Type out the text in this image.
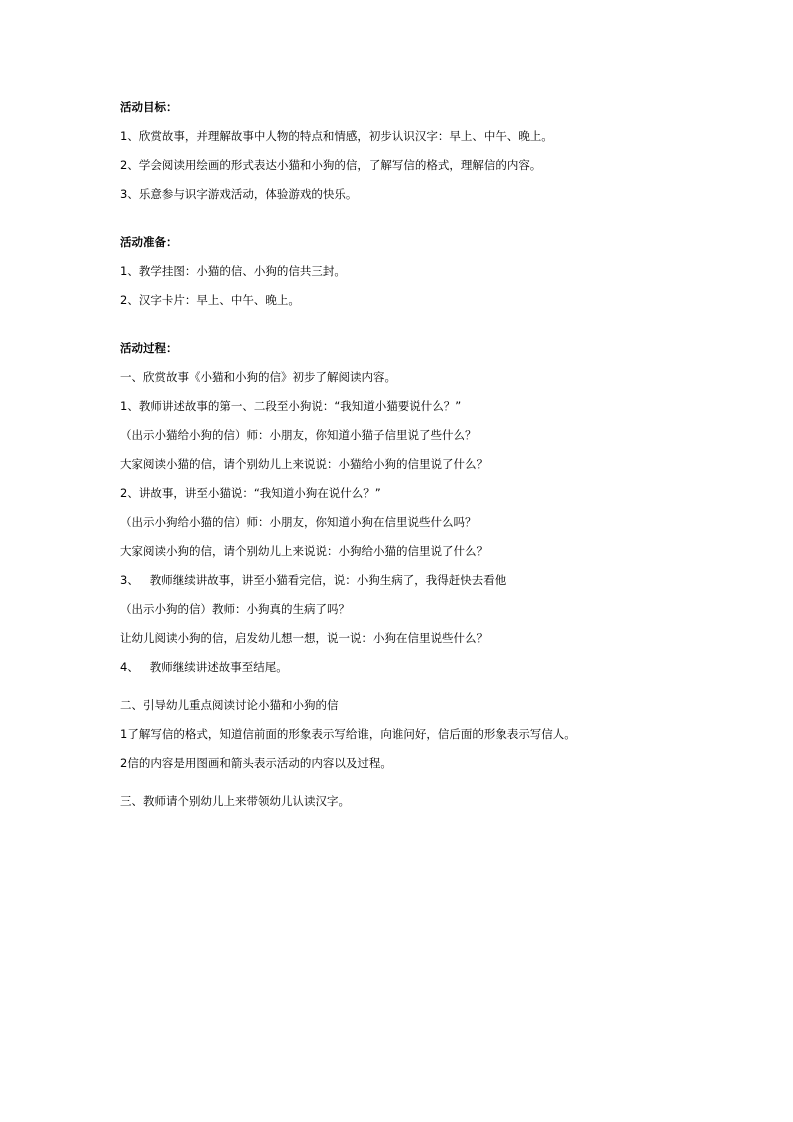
活动目标：

1、欣赏故事，并理解故事中人物的特点和情感，初步认识汉字：早上、中午、晚上。

2、学会阅读用绘画的形式表达小猫和小狗的信，了解写信的格式，理解信的内容。

3、乐意参与识字游戏活动，体验游戏的快乐。

活动准备：

1、教学挂图：小猫的信、小狗的信共三封。

2、汉字卡片：早上、中午、晚上。

活动过程：

一、欣赏故事《小猫和小狗的信》初步了解阅读内容。

1、教师讲述故事的第一、二段至小狗说：“我知道小猫要说什么？”

（出示小猫给小狗的信）师：小朋友，你知道小猫子信里说了些什么？

大家阅读小猫的信，请个别幼儿上来说说：小猫给小狗的信里说了什么？

2、讲故事，讲至小猫说：“我知道小狗在说什么？”

（出示小狗给小猫的信）师：小朋友，你知道小狗在信里说些什么吗？

大家阅读小狗的信，请个别幼儿上来说说：小狗给小猫的信里说了什么？

3、   教师继续讲故事，讲至小猫看完信，说：小狗生病了，我得赶快去看他

（出示小狗的信）教师：小狗真的生病了吗？

让幼儿阅读小狗的信，启发幼儿想一想，说一说：小狗在信里说些什么？

4、   教师继续讲述故事至结尾。

二、引导幼儿重点阅读讨论小猫和小狗的信

1了解写信的格式，知道信前面的形象表示写给谁，向谁问好，信后面的形象表示写信人。

2信的内容是用图画和箭头表示活动的内容以及过程。

三、教师请个别幼儿上来带领幼儿认读汉字。
